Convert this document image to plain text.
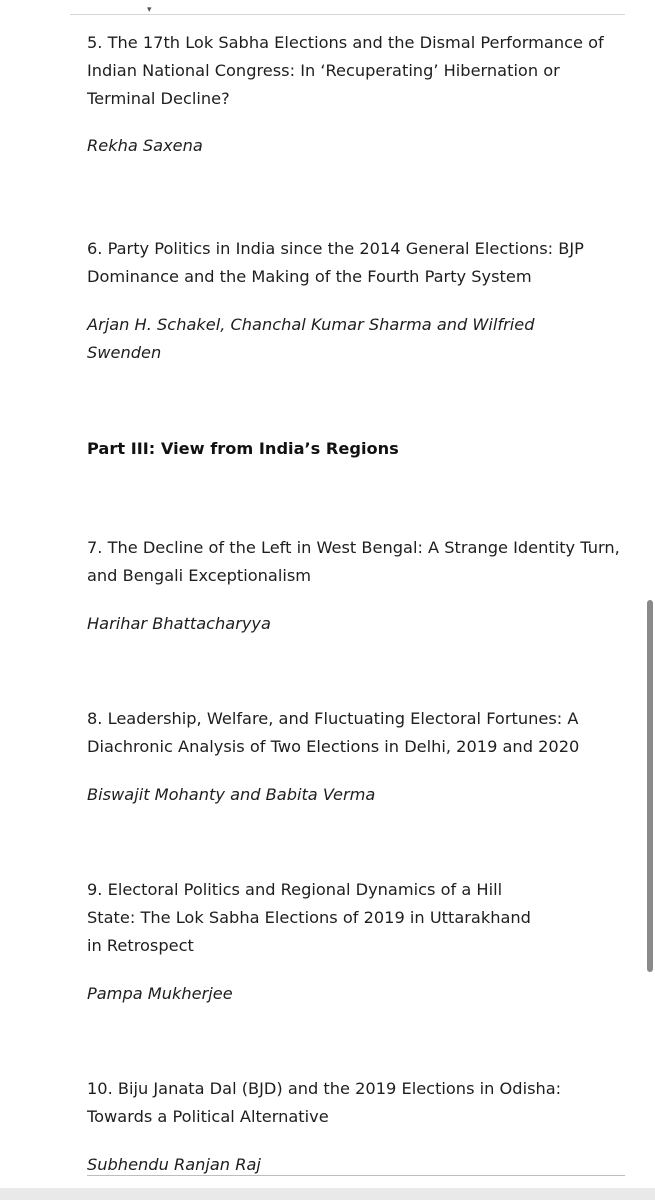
▾

5. The 17th Lok Sabha Elections and the Dismal Performance of Indian National Congress: In ‘Recuperating’ Hibernation or Terminal Decline?

Rekha Saxena

6. Party Politics in India since the 2014 General Elections: BJP Dominance and the Making of the Fourth Party System

Arjan H. Schakel, Chanchal Kumar Sharma and Wilfried Swenden

Part III: View from India’s Regions

7. The Decline of the Left in West Bengal: A Strange Identity Turn, and Bengali Exceptionalism

Harihar Bhattacharyya

8. Leadership, Welfare, and Fluctuating Electoral Fortunes: A Diachronic Analysis of Two Elections in Delhi, 2019 and 2020

Biswajit Mohanty and Babita Verma

9. Electoral Politics and Regional Dynamics of a Hill State: The Lok Sabha Elections of 2019 in Uttarakhand in Retrospect

Pampa Mukherjee

10. Biju Janata Dal (BJD) and the 2019 Elections in Odisha: Towards a Political Alternative

Subhendu Ranjan Raj
